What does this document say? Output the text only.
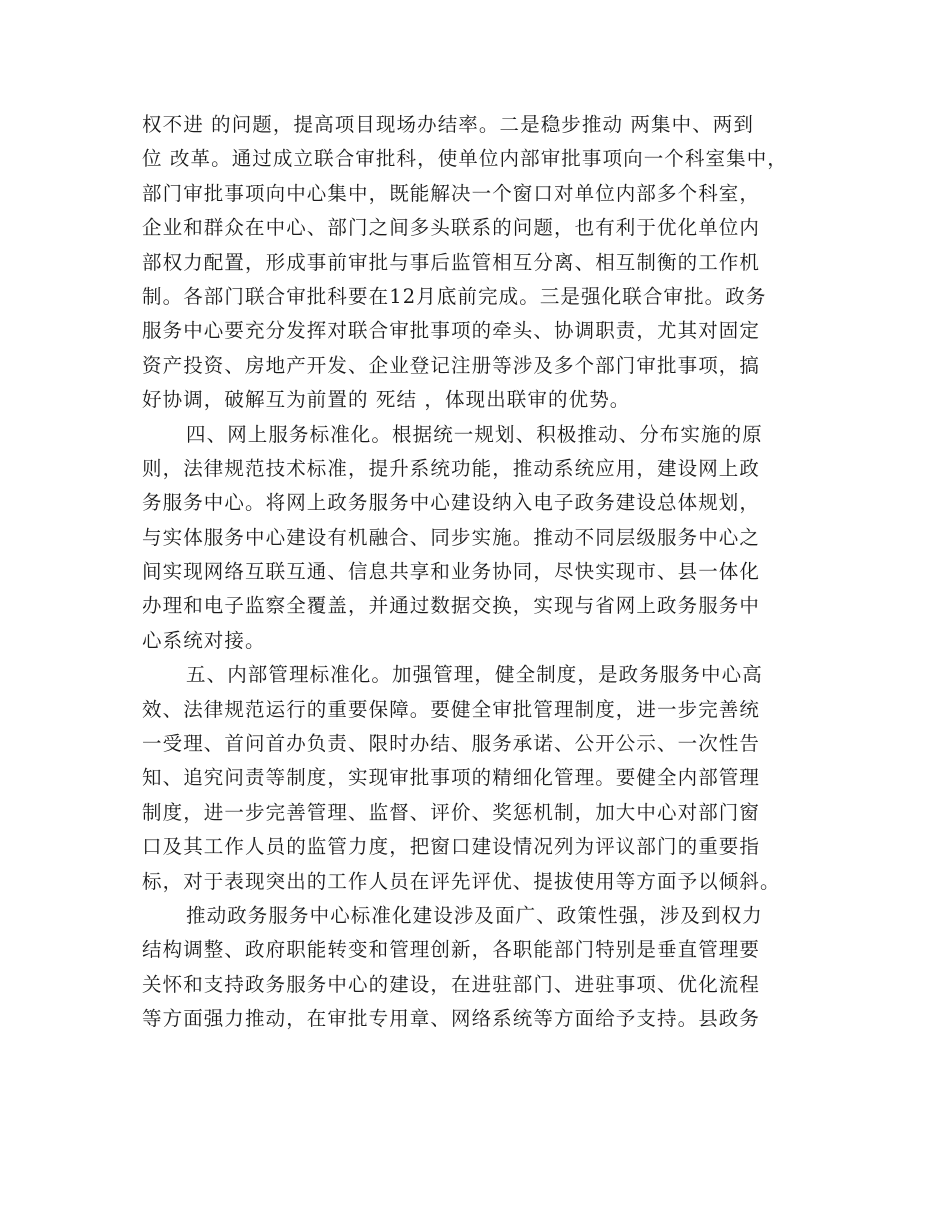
权不进 的问题，提高项目现场办结率。二是稳步推动 两集中、两到
位 改革。通过成立联合审批科，使单位内部审批事项向一个科室集中，
部门审批事项向中心集中，既能解决一个窗口对单位内部多个科室，
企业和群众在中心、部门之间多头联系的问题，也有利于优化单位内
部权力配置，形成事前审批与事后监管相互分离、相互制衡的工作机
制。各部门联合审批科要在12月底前完成。三是强化联合审批。政务
服务中心要充分发挥对联合审批事项的牵头、协调职责，尤其对固定
资产投资、房地产开发、企业登记注册等涉及多个部门审批事项，搞
好协调，破解互为前置的 死结 ，体现出联审的优势。
四、网上服务标准化。根据统一规划、积极推动、分布实施的原
则，法律规范技术标准，提升系统功能，推动系统应用，建设网上政
务服务中心。将网上政务服务中心建设纳入电子政务建设总体规划，
与实体服务中心建设有机融合、同步实施。推动不同层级服务中心之
间实现网络互联互通、信息共享和业务协同，尽快实现市、县一体化
办理和电子监察全覆盖，并通过数据交换，实现与省网上政务服务中
心系统对接。
五、内部管理标准化。加强管理，健全制度，是政务服务中心高
效、法律规范运行的重要保障。要健全审批管理制度，进一步完善统
一受理、首问首办负责、限时办结、服务承诺、公开公示、一次性告
知、追究问责等制度，实现审批事项的精细化管理。要健全内部管理
制度，进一步完善管理、监督、评价、奖惩机制，加大中心对部门窗
口及其工作人员的监管力度，把窗口建设情况列为评议部门的重要指
标，对于表现突出的工作人员在评先评优、提拔使用等方面予以倾斜。
推动政务服务中心标准化建设涉及面广、政策性强，涉及到权力
结构调整、政府职能转变和管理创新，各职能部门特别是垂直管理要
关怀和支持政务服务中心的建设，在进驻部门、进驻事项、优化流程
等方面强力推动，在审批专用章、网络系统等方面给予支持。县政务
